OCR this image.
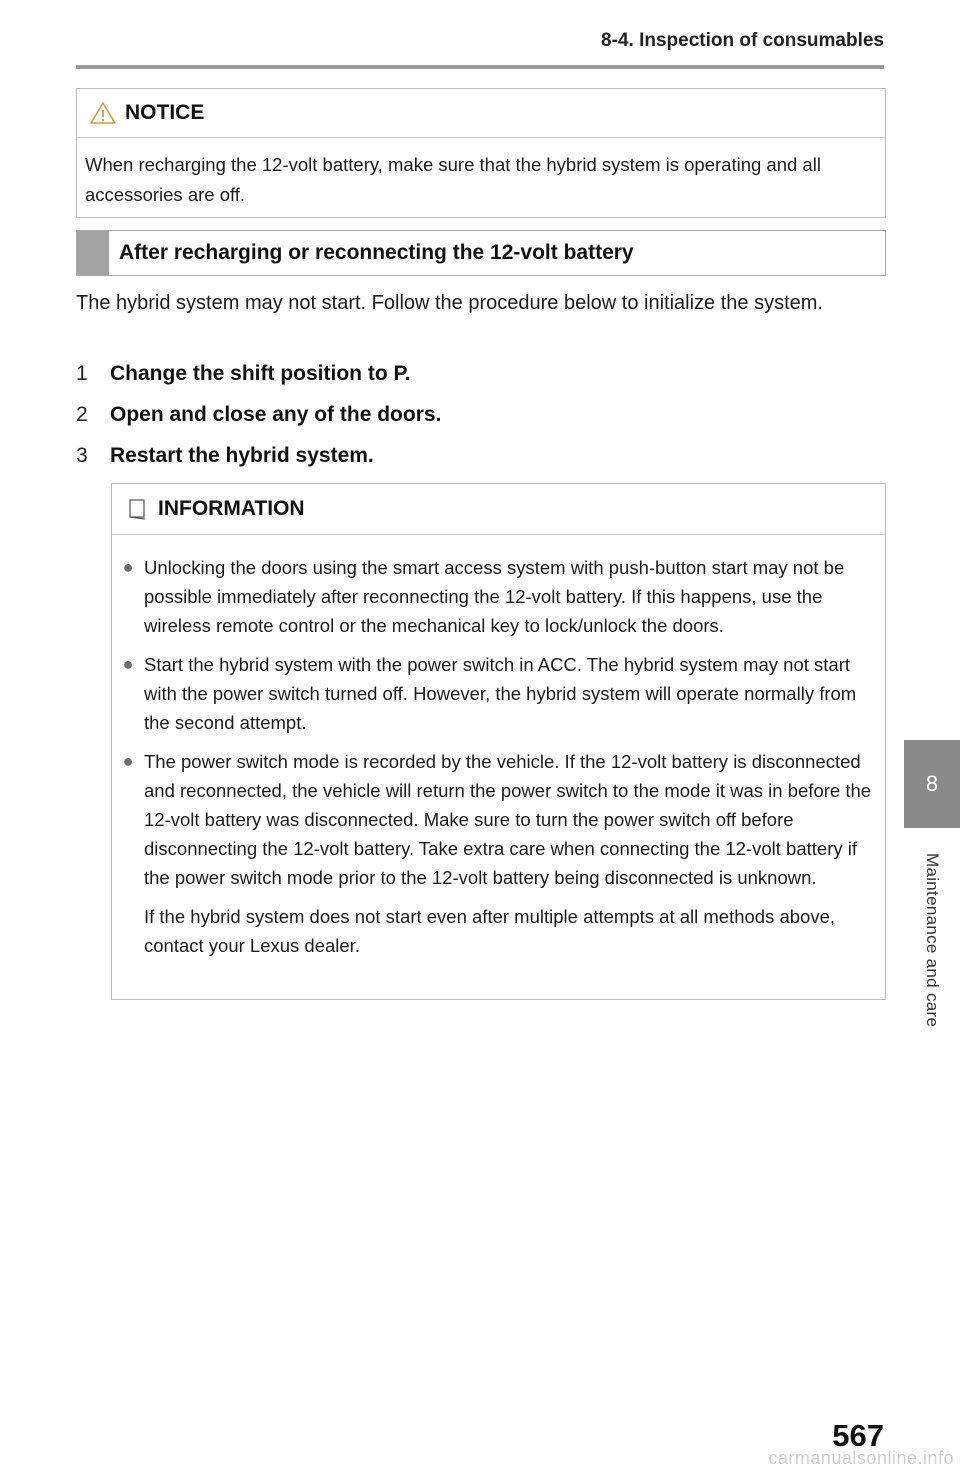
8-4. Inspection of consumables
NOTICE
When recharging the 12-volt battery, make sure that the hybrid system is operating and all accessories are off.
After recharging or reconnecting the 12-volt battery
The hybrid system may not start. Follow the procedure below to initialize the system.
1	Change the shift position to P.
2	Open and close any of the doors.
3	Restart the hybrid system.
INFORMATION
● Unlocking the doors using the smart access system with push-button start may not be possible immediately after reconnecting the 12-volt battery. If this happens, use the wireless remote control or the mechanical key to lock/unlock the doors.
● Start the hybrid system with the power switch in ACC. The hybrid system may not start with the power switch turned off. However, the hybrid system will operate normally from the second attempt.
● The power switch mode is recorded by the vehicle. If the 12-volt battery is disconnected and reconnected, the vehicle will return the power switch to the mode it was in before the 12-volt battery was disconnected. Make sure to turn the power switch off before disconnecting the 12-volt battery. Take extra care when connecting the 12-volt battery if the power switch mode prior to the 12-volt battery being disconnected is unknown.
If the hybrid system does not start even after multiple attempts at all methods above, contact your Lexus dealer.
8
Maintenance and care
567
carmanualsonline.info
